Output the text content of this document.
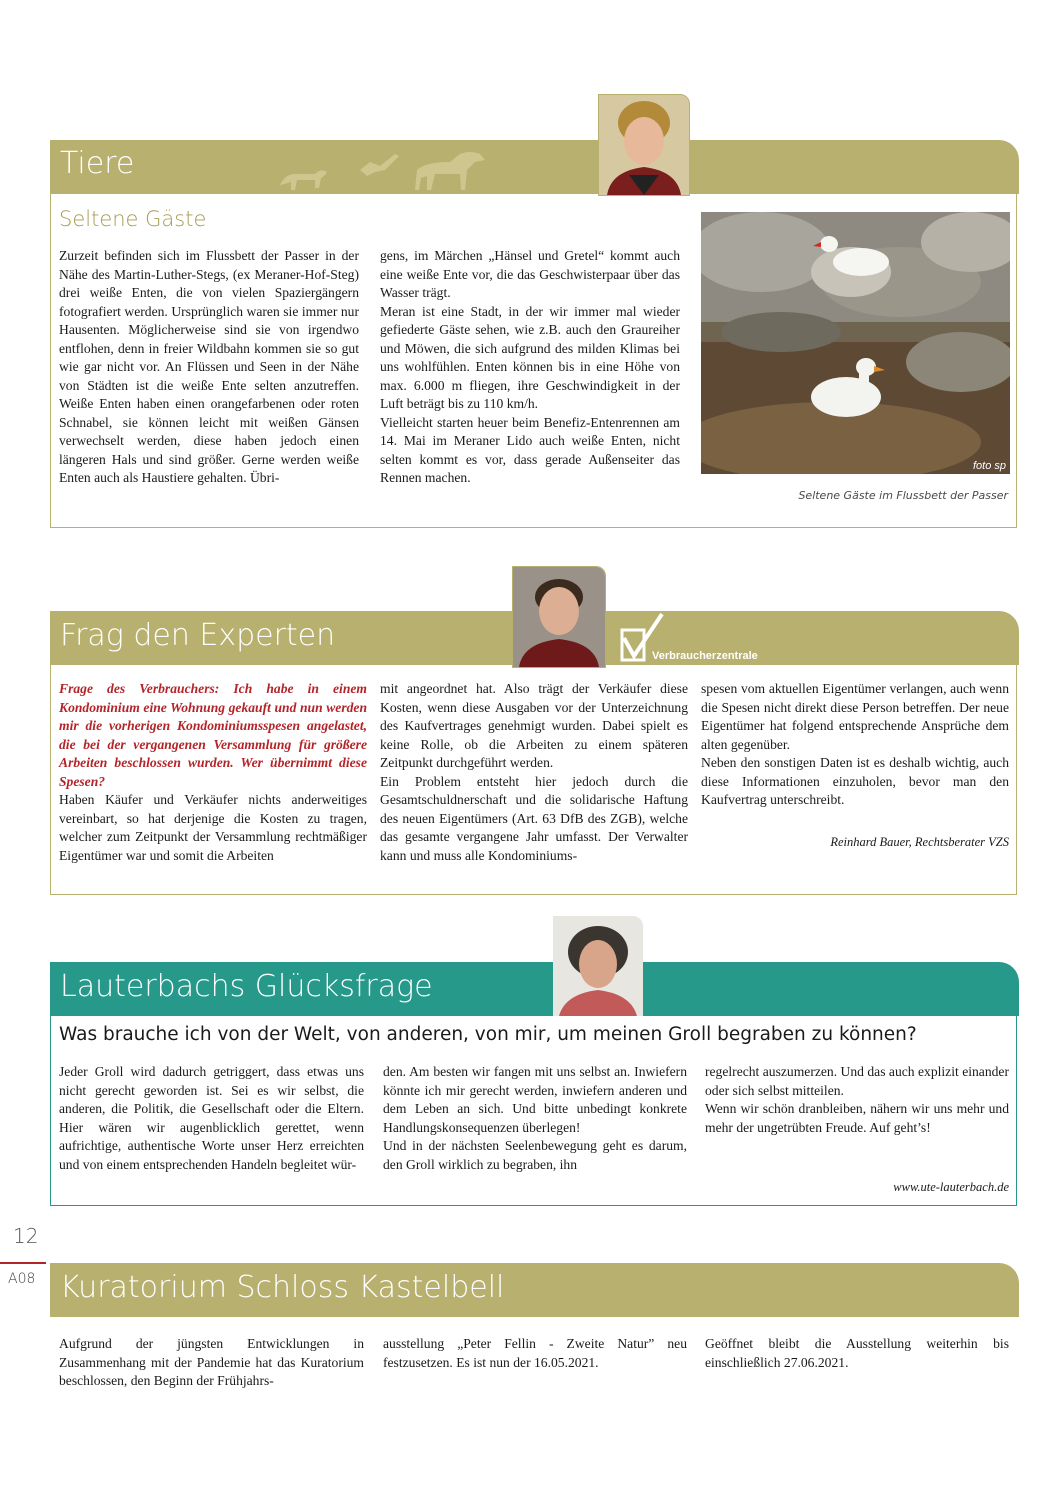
Tiere
Seltene Gäste

Zurzeit befinden sich im Flussbett der Passer in der Nähe des Martin-Luther-Stegs, (ex Meraner-Hof-Steg) drei weiße Enten, die von vielen Spaziergängern fotografiert werden. Ursprünglich waren sie immer nur Hausenten. Möglicherweise sind sie von irgendwo entflohen, denn in freier Wildbahn kommen sie so gut wie gar nicht vor. An Flüssen und Seen in der Nähe von Städten ist die weiße Ente selten anzutreffen. Weiße Enten haben einen orangefarbenen oder roten Schnabel, sie können leicht mit weißen Gänsen verwechselt werden, diese haben jedoch einen längeren Hals und sind größer. Gerne werden weiße Enten auch als Haustiere gehalten. Übri-

gens, im Märchen „Hänsel und Gretel“ kommt auch eine weiße Ente vor, die das Geschwisterpaar über das Wasser trägt.

Meran ist eine Stadt, in der wir immer mal wieder gefiederte Gäste sehen, wie z.B. auch den Graureiher und Möwen, die sich aufgrund des milden Klimas bei uns wohlfühlen. Enten können bis in eine Höhe von max. 6.000 m fliegen, ihre Geschwindigkeit in der Luft beträgt bis zu 110 km/h.

Vielleicht starten heuer beim Benefiz-Entenrennen am 14. Mai im Meraner Lido auch weiße Enten, nicht selten kommt es vor, dass gerade Außenseiter das Rennen machen.

foto sp
Seltene Gäste im Flussbett der Passer
Frag den Experten
Verbraucherzentrale

Frage des Verbrauchers: Ich habe in einem Kondominium eine Wohnung gekauft und nun werden mir die vorherigen Kondominiumsspesen angelastet, die bei der vergangenen Versammlung für größere Arbeiten beschlossen wurden. Wer übernimmt diese Spesen?

Haben Käufer und Verkäufer nichts anderweitiges vereinbart, so hat derjenige die Kosten zu tragen, welcher zum Zeitpunkt der Versammlung rechtmäßiger Eigentümer war und somit die Arbeiten

mit angeordnet hat. Also trägt der Verkäufer diese Kosten, wenn diese Ausgaben vor der Unterzeichnung des Kaufvertrages genehmigt wurden. Dabei spielt es keine Rolle, ob die Arbeiten zu einem späteren Zeitpunkt durchgeführt werden.

Ein Problem entsteht hier jedoch durch die Gesamtschuldnerschaft und die solidarische Haftung des neuen Eigentümers (Art. 63 DfB des ZGB), welche das gesamte vergangene Jahr umfasst. Der Verwalter kann und muss alle Kondominiums-

spesen vom aktuellen Eigentümer verlangen, auch wenn die Spesen nicht direkt diese Person betreffen. Der neue Eigentümer hat folgend entsprechende Ansprüche dem alten gegenüber.

Neben den sonstigen Daten ist es deshalb wichtig, auch diese Informationen einzuholen, bevor man den Kaufvertrag unterschreibt.

Reinhard Bauer, Rechtsberater VZS
Lauterbachs Glücksfrage
Was brauche ich von der Welt, von anderen, von mir, um meinen Groll begraben zu können?

Jeder Groll wird dadurch getriggert, dass etwas uns nicht gerecht geworden ist. Sei es wir selbst, die anderen, die Politik, die Gesellschaft oder die Eltern. Hier wären wir augenblicklich gerettet, wenn aufrichtige, authentische Worte unser Herz erreichten und von einem entsprechenden Handeln begleitet wür-

den. Am besten wir fangen mit uns selbst an. Inwiefern könnte ich mir gerecht werden, inwiefern anderen und dem Leben an sich. Und bitte unbedingt konkrete Handlungskonsequenzen überlegen!

Und in der nächsten Seelenbewegung geht es darum, den Groll wirklich zu begraben, ihn

regelrecht auszumerzen. Und das auch explizit einander oder sich selbst mitteilen.

Wenn wir schön dranbleiben, nähern wir uns mehr und mehr der ungetrübten Freude. Auf geht’s!

www.ute-lauterbach.de
12
A08 Kuratorium Schloss Kastelbell

Aufgrund der jüngsten Entwicklungen in Zusammenhang mit der Pandemie hat das Kuratorium beschlossen, den Beginn der Frühjahrs-

ausstellung „Peter Fellin - Zweite Natur” neu festzusetzen. Es ist nun der 16.05.2021.

Geöffnet bleibt die Ausstellung weiterhin bis einschließlich 27.06.2021.
